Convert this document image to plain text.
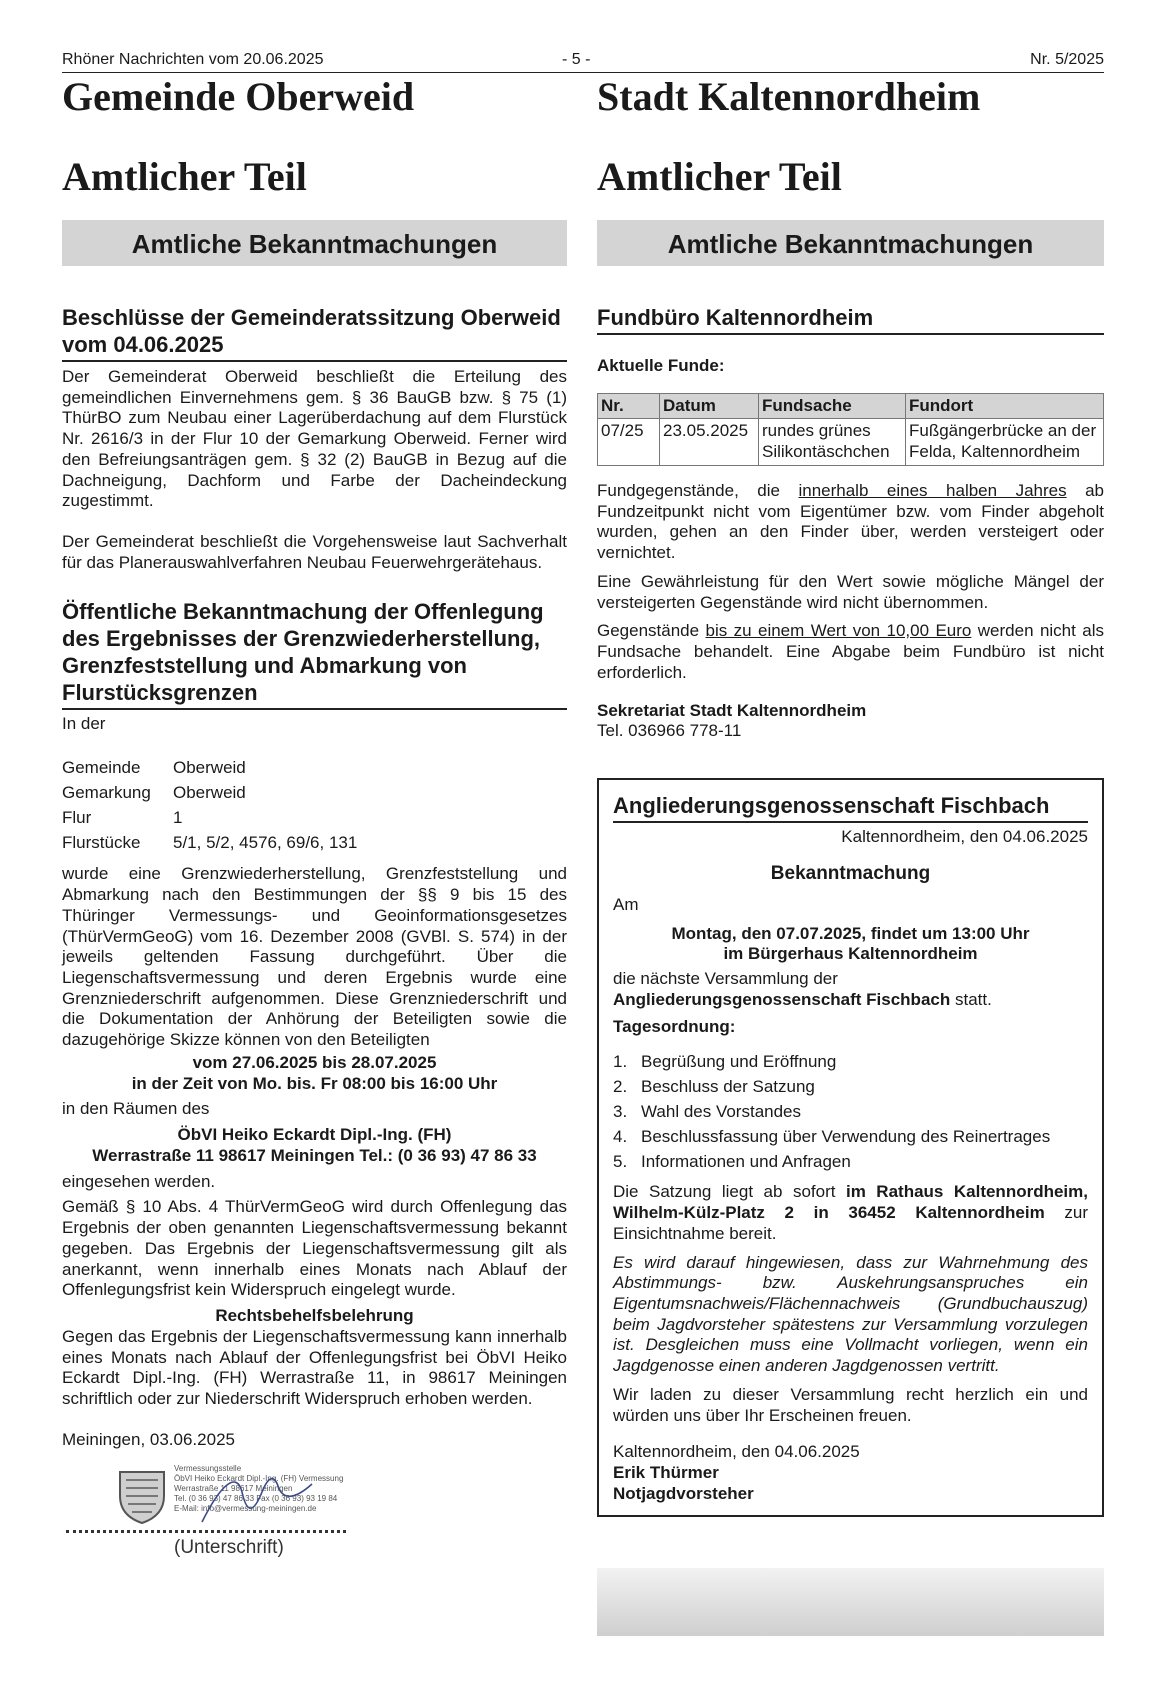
Rhöner Nachrichten vom 20.06.2025	- 5 -	Nr. 5/2025
Gemeinde Oberweid
Amtlicher Teil
Amtliche Bekanntmachungen
Beschlüsse der Gemeinderatssitzung Oberweid vom 04.06.2025

Der Gemeinderat Oberweid beschließt die Erteilung des gemeindlichen Einvernehmens gem. § 36 BauGB bzw. § 75 (1) ThürBO zum Neubau einer Lagerüberdachung auf dem Flurstück Nr. 2616/3 in der Flur 10 der Gemarkung Oberweid. Ferner wird den Befreiungsanträgen gem. § 32 (2) BauGB in Bezug auf die Dachneigung, Dachform und Farbe der Dacheindeckung zugestimmt.

Der Gemeinderat beschließt die Vorgehensweise laut Sachverhalt für das Planerauswahlverfahren Neubau Feuerwehrgerätehaus.

Öffentliche Bekanntmachung der Offenlegung des Ergebnisses der Grenzwiederherstellung, Grenzfeststellung und Abmarkung von Flurstücksgrenzen

In der

Gemeinde	Oberweid
Gemarkung	Oberweid
Flur	1
Flurstücke	5/1, 5/2, 4576, 69/6, 131

wurde eine Grenzwiederherstellung, Grenzfeststellung und Abmarkung nach den Bestimmungen der §§ 9 bis 15 des Thüringer Vermessungs- und Geoinformationsgesetzes (ThürVermGeoG) vom 16. Dezember 2008 (GVBl. S. 574) in der jeweils geltenden Fassung durchgeführt. Über die Liegenschaftsvermessung und deren Ergebnis wurde eine Grenzniederschrift aufgenommen. Diese Grenzniederschrift und die Dokumentation der Anhörung der Beteiligten sowie die dazugehörige Skizze können von den Beteiligten

vom 27.06.2025 bis 28.07.2025

in der Zeit von Mo. bis. Fr 08:00 bis 16:00 Uhr

in den Räumen des

ÖbVI Heiko Eckardt Dipl.-Ing. (FH)

Werrastraße 11 98617 Meiningen Tel.: (0 36 93) 47 86 33

eingesehen werden.

Gemäß § 10 Abs. 4 ThürVermGeoG wird durch Offenlegung das Ergebnis der oben genannten Liegenschaftsvermessung bekannt gegeben. Das Ergebnis der Liegenschaftsvermessung gilt als anerkannt, wenn innerhalb eines Monats nach Ablauf der Offenlegungsfrist kein Widerspruch eingelegt wurde.

Rechtsbehelfsbelehrung

Gegen das Ergebnis der Liegenschaftsvermessung kann innerhalb eines Monats nach Ablauf der Offenlegungsfrist bei ÖbVI Heiko Eckardt Dipl.-Ing. (FH) Werrastraße 11, in 98617 Meiningen schriftlich oder zur Niederschrift Widerspruch erhoben werden.

Meiningen, 03.06.2025

Vermessungsstelle
ÖbVI Heiko Eckardt Dipl.-Ing. (FH) Vermessung
Werrastraße 11 98617 Meiningen
Tel. (0 36 93) 47 86 33 Fax (0 36 93) 93 19 84
E-Mail: info@vermessung-meiningen.de
(Unterschrift)
Stadt Kaltennordheim
Amtlicher Teil
Amtliche Bekanntmachungen
Fundbüro Kaltennordheim

Aktuelle Funde:

Nr.	Datum	Fundsache	Fundort
07/25	23.05.2025	rundes grünes Silikontäschchen	Fußgängerbrücke an der Felda, Kaltennordheim

Fundgegenstände, die innerhalb eines halben Jahres ab Fundzeitpunkt nicht vom Eigentümer bzw. vom Finder abgeholt wurden, gehen an den Finder über, werden versteigert oder vernichtet.

Eine Gewährleistung für den Wert sowie mögliche Mängel der versteigerten Gegenstände wird nicht übernommen.

Gegenstände bis zu einem Wert von 10,00 Euro werden nicht als Fundsache behandelt. Eine Abgabe beim Fundbüro ist nicht erforderlich.

Sekretariat Stadt Kaltennordheim

Tel. 036966 778-11

Angliederungsgenossenschaft Fischbach

Kaltennordheim, den 04.06.2025

Bekanntmachung

Am

Montag, den 07.07.2025, findet um 13:00 Uhr

im Bürgerhaus Kaltennordheim

die nächste Versammlung der Angliederungsgenossenschaft Fischbach statt.

Tagesordnung:

1. Begrüßung und Eröffnung
2. Beschluss der Satzung
3. Wahl des Vorstandes
4. Beschlussfassung über Verwendung des Reinertrages
5. Informationen und Anfragen

Die Satzung liegt ab sofort im Rathaus Kaltennordheim, Wilhelm-Külz-Platz 2 in 36452 Kaltennordheim zur Einsichtnahme bereit.

Es wird darauf hingewiesen, dass zur Wahrnehmung des Abstimmungs- bzw. Auskehrungsanspruches ein Eigentumsnachweis/Flächennachweis (Grundbuchauszug) beim Jagdvorsteher spätestens zur Versammlung vorzulegen ist. Desgleichen muss eine Vollmacht vorliegen, wenn ein Jagdgenosse einen anderen Jagdgenossen vertritt.

Wir laden zu dieser Versammlung recht herzlich ein und würden uns über Ihr Erscheinen freuen.

Kaltennordheim, den 04.06.2025

Erik Thürmer

Notjagdvorsteher
